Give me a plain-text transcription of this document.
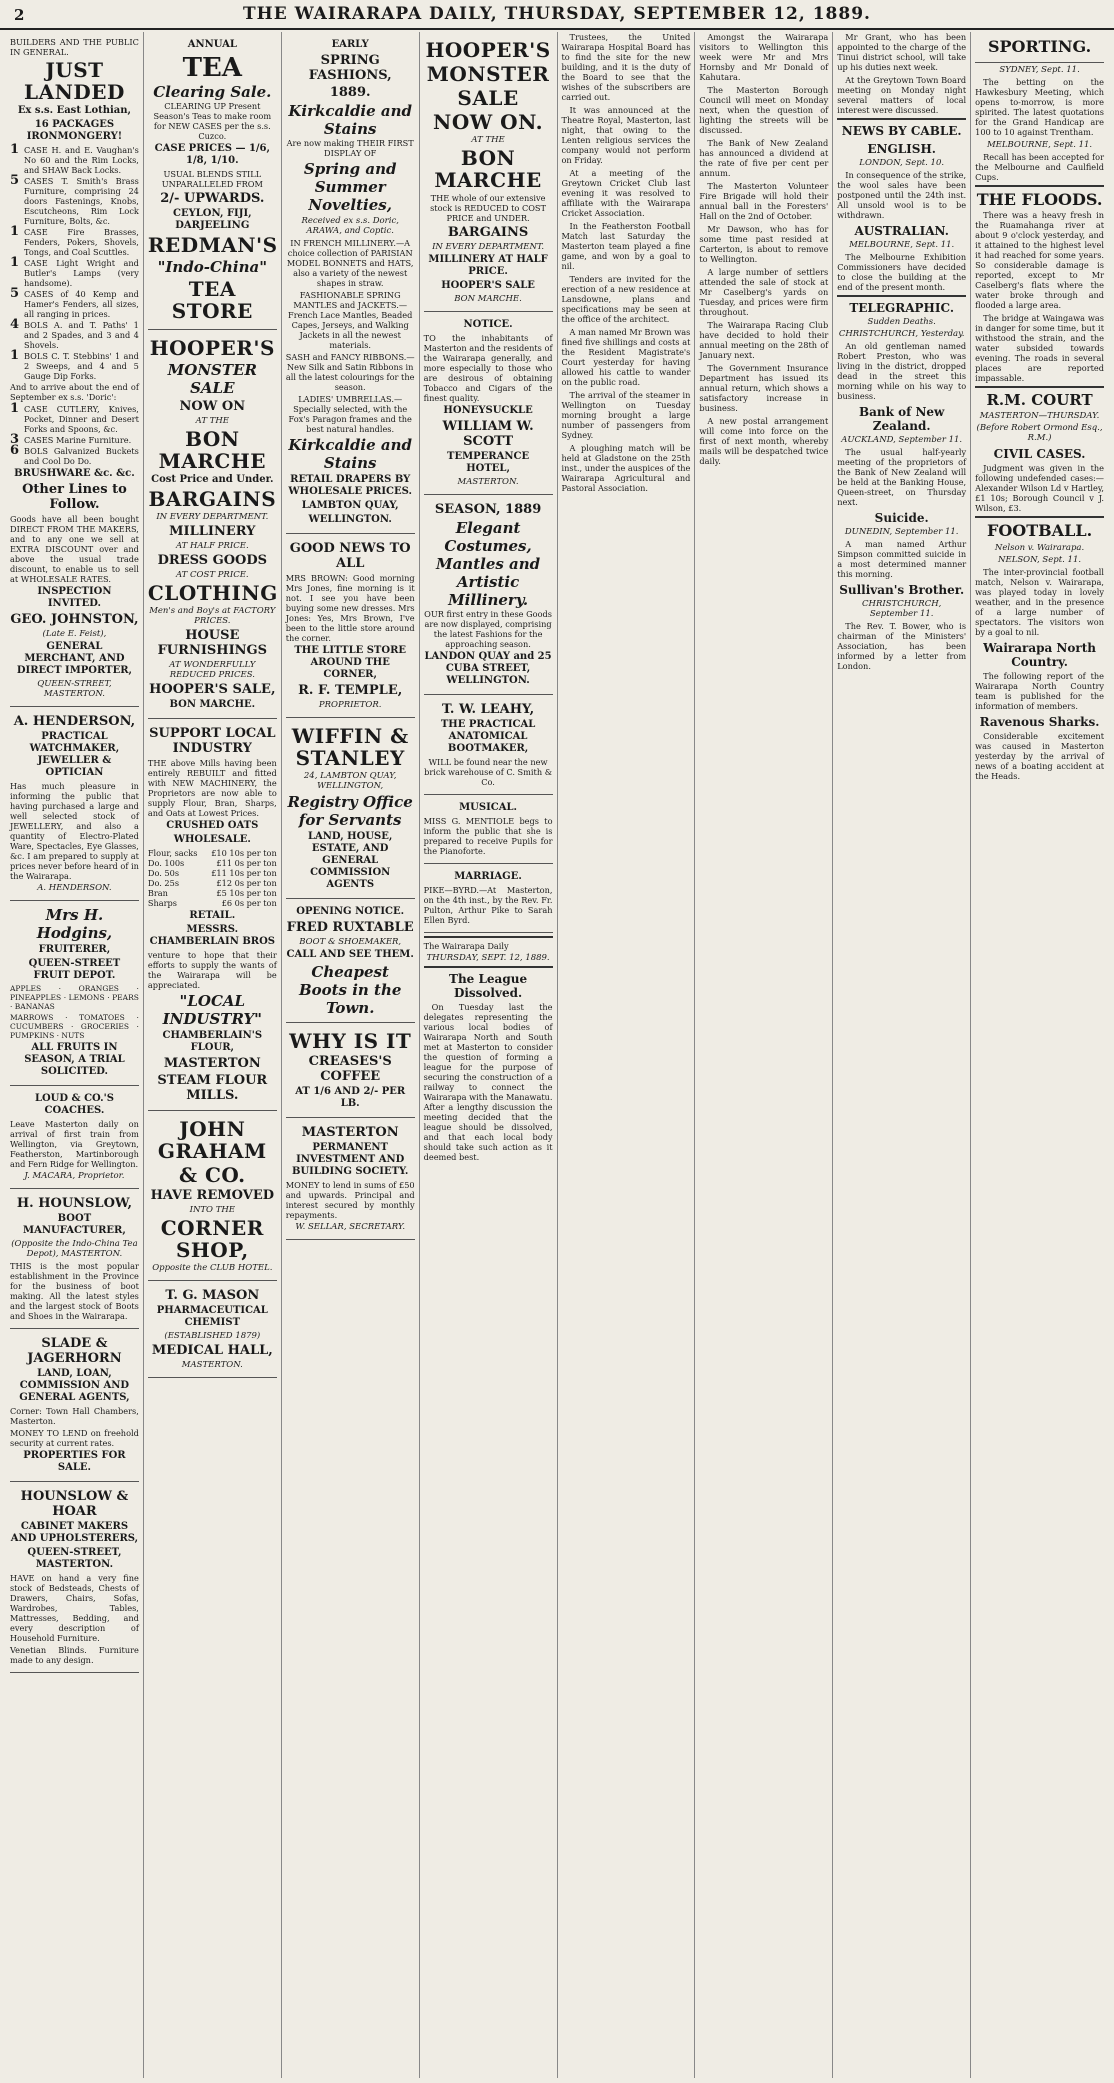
2	THE WAIRARAPA DAILY, THURSDAY, SEPTEMBER 12, 1889.

BUILDERS AND THE PUBLIC IN GENERAL.

JUST LANDED
Ex s.s. East Lothian,
16 PACKAGES IRONMONGERY!
1 CASE H. and E. Vaughan's No 60 and the Rim Locks, and SHAW Back Locks.
5 CASES T. Smith's Brass Furniture, comprising 24 doors Fastenings, Knobs, Escutcheons, Rim Lock Furniture, Bolts, &c.
1 CASE Fire Brasses, Fenders, Pokers, Shovels, Tongs, and Coal Scuttles.
1 CASE Light Wright and Butler's Lamps (very handsome).
5 CASES of 40 Kemp and Hamer's Fenders, all sizes, all ranging in prices.
4 BOLS A. and T. Paths' 1 and 2 Spades, and 3 and 4 Shovels.
1 BOLS C. T. Stebbins' 1 and 2 Sweeps, and 4 and 5 Gauge Dip Forks.

And to arrive about the end of September ex s.s. 'Doric':

1 CASE CUTLERY, Knives, Pocket, Dinner and Desert Forks and Spoons, &c.
3 CASES Marine Furniture.
6 BOLS Galvanized Buckets and Cool Do Do.
BRUSHWARE &c. &c.
Other Lines to Follow.

Goods have all been bought DIRECT FROM THE MAKERS, and to any one we sell at EXTRA DISCOUNT over and above the usual trade discount, to enable us to sell at WHOLESALE RATES.

INSPECTION INVITED.
GEO. JOHNSTON,
(Late E. Feist),
GENERAL MERCHANT, AND DIRECT IMPORTER,
QUEEN-STREET, MASTERTON.
A. HENDERSON,
PRACTICAL WATCHMAKER, JEWELLER & OPTICIAN

Has much pleasure in informing the public that having purchased a large and well selected stock of JEWELLERY, and also a quantity of Electro-Plated Ware, Spectacles, Eye Glasses, &c. I am prepared to supply at prices never before heard of in the Wairarapa.

A. HENDERSON.
Mrs H. Hodgins,
FRUITERER,
QUEEN-STREET FRUIT DEPOT.

APPLES · ORANGES · PINEAPPLES · LEMONS · PEARS · BANANAS

MARROWS · TOMATOES · CUCUMBERS · GROCERIES · PUMPKINS · NUTS

ALL FRUITS IN SEASON, A TRIAL SOLICITED.
LOUD & CO.'S COACHES.

Leave Masterton daily on arrival of first train from Wellington, via Greytown, Featherston, Martinborough and Fern Ridge for Wellington.

J. MACARA, Proprietor.
H. HOUNSLOW,
BOOT MANUFACTURER,
(Opposite the Indo-China Tea Depot), MASTERTON.

THIS is the most popular establishment in the Province for the business of boot making. All the latest styles and the largest stock of Boots and Shoes in the Wairarapa.

SLADE & JAGERHORN
LAND, LOAN, COMMISSION AND GENERAL AGENTS,

Corner: Town Hall Chambers, Masterton.

MONEY TO LEND on freehold security at current rates.

PROPERTIES FOR SALE.
HOUNSLOW & HOAR
CABINET MAKERS AND UPHOLSTERERS,
QUEEN-STREET, MASTERTON.

HAVE on hand a very fine stock of Bedsteads, Chests of Drawers, Chairs, Sofas, Wardrobes, Tables, Mattresses, Bedding, and every description of Household Furniture.

Venetian Blinds. Furniture made to any design.

ANNUAL
TEA
Clearing Sale.

CLEARING UP Present Season's Teas to make room for NEW CASES per the s.s. Cuzco.

CASE PRICES — 1/6, 1/8, 1/10.

USUAL BLENDS STILL UNPARALLELED FROM

2/- UPWARDS.
CEYLON, FIJI, DARJEELING
REDMAN'S
"Indo-China"
TEA STORE
HOOPER'S
MONSTER SALE
NOW ON
AT THE
BON MARCHE
Cost Price and Under.
BARGAINS
IN EVERY DEPARTMENT.
MILLINERY
AT HALF PRICE.
DRESS GOODS
AT COST PRICE.
CLOTHING
Men's and Boy's at FACTORY PRICES.
HOUSE FURNISHINGS
AT WONDERFULLY REDUCED PRICES.
HOOPER'S SALE,
BON MARCHE.
SUPPORT LOCAL INDUSTRY

THE above Mills having been entirely REBUILT and fitted with NEW MACHINERY, the Proprietors are now able to supply Flour, Bran, Sharps, and Oats at Lowest Prices.

CRUSHED OATS
WHOLESALE.
Flour, sacks £10 10s per ton
Do. 100s	£11 0s per ton
Do. 50s	£11 10s per ton
Do. 25s	£12 0s per ton
Bran	£5 10s per ton
Sharps	£6 0s per ton
RETAIL.
MESSRS. CHAMBERLAIN BROS

venture to hope that their efforts to supply the wants of the Wairarapa will be appreciated.

"LOCAL INDUSTRY"
CHAMBERLAIN'S FLOUR,
MASTERTON
STEAM FLOUR MILLS.
JOHN GRAHAM
& CO.
HAVE REMOVED
INTO THE
CORNER SHOP,
Opposite the CLUB HOTEL.
T. G. MASON
PHARMACEUTICAL CHEMIST
(ESTABLISHED 1879)
MEDICAL HALL,
MASTERTON.
EARLY
SPRING FASHIONS,
1889.
Kirkcaldie and Stains

Are now making THEIR FIRST DISPLAY OF

Spring and Summer Novelties,
Received ex s.s. Doric, ARAWA, and Coptic.

IN FRENCH MILLINERY.—A choice collection of PARISIAN MODEL BONNETS and HATS, also a variety of the newest shapes in straw.

FASHIONABLE SPRING MANTLES and JACKETS.—French Lace Mantles, Beaded Capes, Jerseys, and Walking Jackets in all the newest materials.

SASH and FANCY RIBBONS.—New Silk and Satin Ribbons in all the latest colourings for the season.

LADIES' UMBRELLAS.—Specially selected, with the Fox's Paragon frames and the best natural handles.

Kirkcaldie and Stains
RETAIL DRAPERS BY WHOLESALE PRICES.
LAMBTON QUAY,
WELLINGTON.
GOOD NEWS TO ALL

MRS BROWN: Good morning Mrs Jones, fine morning is it not. I see you have been buying some new dresses. Mrs Jones: Yes, Mrs Brown, I've been to the little store around the corner.

THE LITTLE STORE AROUND THE CORNER,
R. F. TEMPLE,
PROPRIETOR.
WIFFIN & STANLEY
24, LAMBTON QUAY, WELLINGTON,
Registry Office for Servants
LAND, HOUSE, ESTATE, AND GENERAL COMMISSION AGENTS
OPENING NOTICE.
FRED RUXTABLE
BOOT & SHOEMAKER,
CALL AND SEE THEM.
Cheapest Boots in the Town.
WHY IS IT
CREASES'S COFFEE
AT 1/6 AND 2/- PER LB.
MASTERTON
PERMANENT INVESTMENT AND BUILDING SOCIETY.

MONEY to lend in sums of £50 and upwards. Principal and interest secured by monthly repayments.

W. SELLAR, SECRETARY.
HOOPER'S
MONSTER
SALE
NOW ON.
AT THE
BON MARCHE

THE whole of our extensive stock is REDUCED to COST PRICE and UNDER.

BARGAINS
IN EVERY DEPARTMENT.
MILLINERY AT HALF PRICE.
HOOPER'S SALE
BON MARCHE.
NOTICE.

TO the inhabitants of Masterton and the residents of the Wairarapa generally, and more especially to those who are desirous of obtaining Tobacco and Cigars of the finest quality.

HONEYSUCKLE
WILLIAM W. SCOTT
TEMPERANCE HOTEL,
MASTERTON.
SEASON, 1889
Elegant Costumes, Mantles and
Artistic Millinery.

OUR first entry in these Goods are now displayed, comprising the latest Fashions for the approaching season.

LANDON QUAY and 25 CUBA STREET, WELLINGTON.
T. W. LEAHY,
THE PRACTICAL ANATOMICAL BOOTMAKER,

WILL be found near the new brick warehouse of C. Smith & Co.

MUSICAL.

MISS G. MENTIOLE begs to inform the public that she is prepared to receive Pupils for the Pianoforte.

MARRIAGE.

PIKE—BYRD.—At Masterton, on the 4th inst., by the Rev. Fr. Pulton, Arthur Pike to Sarah Ellen Byrd.

The Wairarapa Daily
THURSDAY, SEPT. 12, 1889.
The League Dissolved.

On Tuesday last the delegates representing the various local bodies of Wairarapa North and South met at Masterton to consider the question of forming a league for the purpose of securing the construction of a railway to connect the Wairarapa with the Manawatu. After a lengthy discussion the meeting decided that the league should be dissolved, and that each local body should take such action as it deemed best.

Trustees, the United Wairarapa Hospital Board has to find the site for the new building, and it is the duty of the Board to see that the wishes of the subscribers are carried out.

It was announced at the Theatre Royal, Masterton, last night, that owing to the Lenten religious services the company would not perform on Friday.

At a meeting of the Greytown Cricket Club last evening it was resolved to affiliate with the Wairarapa Cricket Association.

In the Featherston Football Match last Saturday the Masterton team played a fine game, and won by a goal to nil.

Tenders are invited for the erection of a new residence at Lansdowne, plans and specifications may be seen at the office of the architect.

A man named Mr Brown was fined five shillings and costs at the Resident Magistrate's Court yesterday for having allowed his cattle to wander on the public road.

The arrival of the steamer in Wellington on Tuesday morning brought a large number of passengers from Sydney.

A ploughing match will be held at Gladstone on the 25th inst., under the auspices of the Wairarapa Agricultural and Pastoral Association.

Amongst the Wairarapa visitors to Wellington this week were Mr and Mrs Hornsby and Mr Donald of Kahutara.

The Masterton Borough Council will meet on Monday next, when the question of lighting the streets will be discussed.

The Bank of New Zealand has announced a dividend at the rate of five per cent per annum.

The Masterton Volunteer Fire Brigade will hold their annual ball in the Foresters' Hall on the 2nd of October.

Mr Dawson, who has for some time past resided at Carterton, is about to remove to Wellington.

A large number of settlers attended the sale of stock at Mr Caselberg's yards on Tuesday, and prices were firm throughout.

The Wairarapa Racing Club have decided to hold their annual meeting on the 28th of January next.

The Government Insurance Department has issued its annual return, which shows a satisfactory increase in business.

A new postal arrangement will come into force on the first of next month, whereby mails will be despatched twice daily.

Mr Grant, who has been appointed to the charge of the Tinui district school, will take up his duties next week.

At the Greytown Town Board meeting on Monday night several matters of local interest were discussed.

NEWS BY CABLE.
ENGLISH.
LONDON, Sept. 10.

In consequence of the strike, the wool sales have been postponed until the 24th inst. All unsold wool is to be withdrawn.

AUSTRALIAN.
MELBOURNE, Sept. 11.

The Melbourne Exhibition Commissioners have decided to close the building at the end of the present month.

TELEGRAPHIC.
Sudden Deaths.
CHRISTCHURCH, Yesterday.

An old gentleman named Robert Preston, who was living in the district, dropped dead in the street this morning while on his way to business.

Bank of New Zealand.
AUCKLAND, September 11.

The usual half-yearly meeting of the proprietors of the Bank of New Zealand will be held at the Banking House, Queen-street, on Thursday next.

Suicide.
DUNEDIN, September 11.

A man named Arthur Simpson committed suicide in a most determined manner this morning.

Sullivan's Brother.
CHRISTCHURCH, September 11.

The Rev. T. Bower, who is chairman of the Ministers' Association, has been informed by a letter from London.

SPORTING.
SYDNEY, Sept. 11.

The betting on the Hawkesbury Meeting, which opens to-morrow, is more spirited. The latest quotations for the Grand Handicap are 100 to 10 against Trentham.

MELBOURNE, Sept. 11.

Recall has been accepted for the Melbourne and Caulfield Cups.

THE FLOODS.

There was a heavy fresh in the Ruamahanga river at about 9 o'clock yesterday, and it attained to the highest level it had reached for some years. So considerable damage is reported, except to Mr Caselberg's flats where the water broke through and flooded a large area.

The bridge at Waingawa was in danger for some time, but it withstood the strain, and the water subsided towards evening. The roads in several places are reported impassable.

R.M. COURT
MASTERTON—THURSDAY.
(Before Robert Ormond Esq., R.M.)
CIVIL CASES.

Judgment was given in the following undefended cases:—Alexander Wilson Ld v Hartley, £1 10s; Borough Council v J. Wilson, £3.

FOOTBALL.
Nelson v. Wairarapa.
NELSON, Sept. 11.

The inter-provincial football match, Nelson v. Wairarapa, was played today in lovely weather, and in the presence of a large number of spectators. The visitors won by a goal to nil.

Wairarapa North Country.

The following report of the Wairarapa North Country team is published for the information of members.

Ravenous Sharks.

Considerable excitement was caused in Masterton yesterday by the arrival of news of a boating accident at the Heads.
